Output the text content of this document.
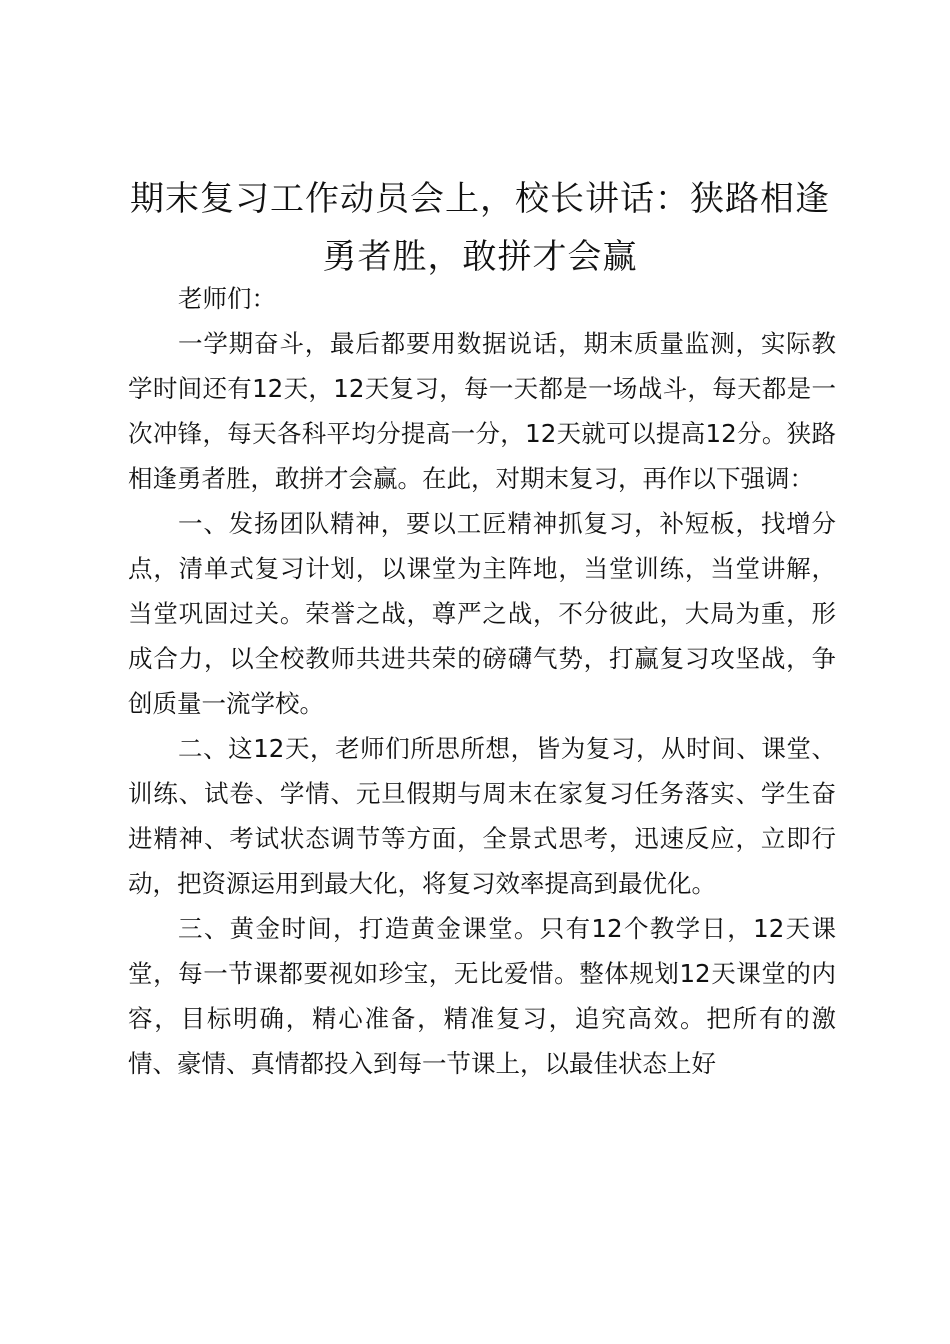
期末复习工作动员会上，校长讲话：狭路相逢勇者胜，敢拼才会赢

老师们：

一学期奋斗，最后都要用数据说话，期末质量监测，实际教学时间还有12天，12天复习，每一天都是一场战斗，每天都是一次冲锋，每天各科平均分提高一分，12天就可以提高12分。狭路相逢勇者胜，敢拼才会赢。在此，对期末复习，再作以下强调：

一、发扬团队精神，要以工匠精神抓复习，补短板，找增分点，清单式复习计划，以课堂为主阵地，当堂训练，当堂讲解，当堂巩固过关。荣誉之战，尊严之战，不分彼此，大局为重，形成合力，以全校教师共进共荣的磅礴气势，打赢复习攻坚战，争创质量一流学校。

二、这12天，老师们所思所想，皆为复习，从时间、课堂、训练、试卷、学情、元旦假期与周末在家复习任务落实、学生奋进精神、考试状态调节等方面，全景式思考，迅速反应，立即行动，把资源运用到最大化，将复习效率提高到最优化。

三、黄金时间，打造黄金课堂。只有12个教学日，12天课堂，每一节课都要视如珍宝，无比爱惜。整体规划12天课堂的内容，目标明确，精心准备，精准复习，追究高效。把所有的激情、豪情、真情都投入到每一节课上，以最佳状态上好
